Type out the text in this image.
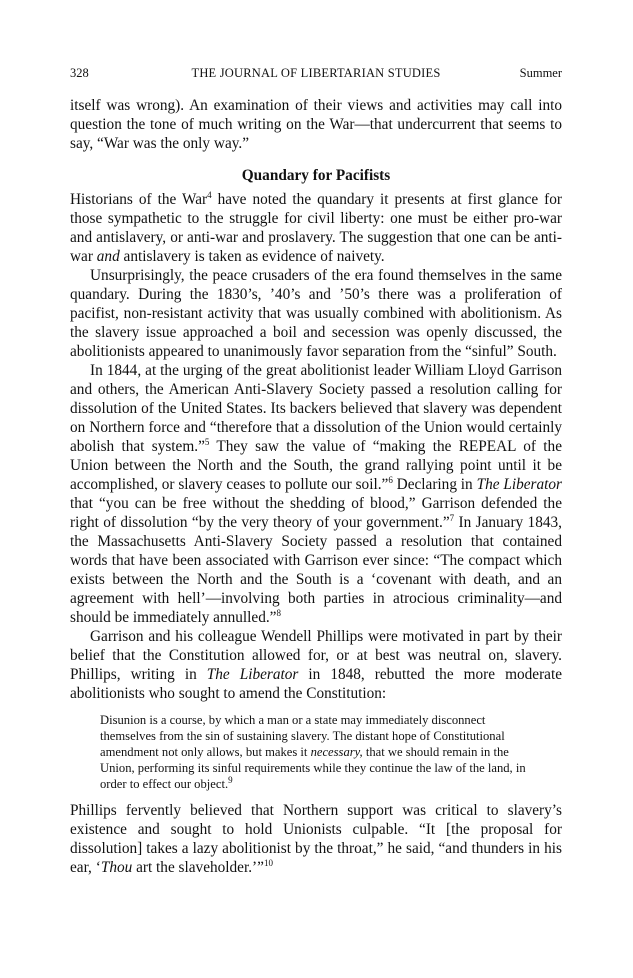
328	THE JOURNAL OF LIBERTARIAN STUDIES	Summer

itself was wrong). An examination of their views and activities may call into question the tone of much writing on the War—that undercurrent that seems to say, “War was the only way.”

Quandary for Pacifists

Historians of the War$^4$ have noted the quandary it presents at first glance for those sympathetic to the struggle for civil liberty: one must be either pro-war and antislavery, or anti-war and proslavery. The suggestion that one can be anti-war and antislavery is taken as evidence of naivety.

Unsurprisingly, the peace crusaders of the era found themselves in the same quandary. During the 1830’s, ’40’s and ’50’s there was a proliferation of pacifist, non-resistant activity that was usually combined with abolitionism. As the slavery issue approached a boil and secession was openly discussed, the abolitionists appeared to unanimously favor separation from the “sinful” South.

In 1844, at the urging of the great abolitionist leader William Lloyd Garrison and others, the American Anti-Slavery Society passed a resolution calling for dissolution of the United States. Its backers believed that slavery was dependent on Northern force and “therefore that a dissolution of the Union would certainly abolish that system.”$^5$ They saw the value of “making the REPEAL of the Union between the North and the South, the grand rallying point until it be accomplished, or slavery ceases to pollute our soil.”$^6$ Declaring in The Liberator that “you can be free without the shedding of blood,” Garrison defended the right of dissolution “by the very theory of your government.”$^7$ In January 1843, the Massachusetts Anti-Slavery Society passed a resolution that contained words that have been associated with Garrison ever since: “The compact which exists between the North and the South is a ‘covenant with death, and an agreement with hell’—involving both parties in atrocious criminality—and should be immediately annulled.”$^8$

Garrison and his colleague Wendell Phillips were motivated in part by their belief that the Constitution allowed for, or at best was neutral on, slavery. Phillips, writing in The Liberator in 1848, rebutted the more moderate abolitionists who sought to amend the Constitution:

Disunion is a course, by which a man or a state may immediately disconnect themselves from the sin of sustaining slavery. The distant hope of Constitutional amendment not only allows, but makes it necessary, that we should remain in the Union, performing its sinful requirements while they continue the law of the land, in order to effect our object.$^9$

Phillips fervently believed that Northern support was critical to slavery’s existence and sought to hold Unionists culpable. “It [the proposal for dissolution] takes a lazy abolitionist by the throat,” he said, “and thunders in his ear, ‘Thou art the slaveholder.’”$^{10}$
